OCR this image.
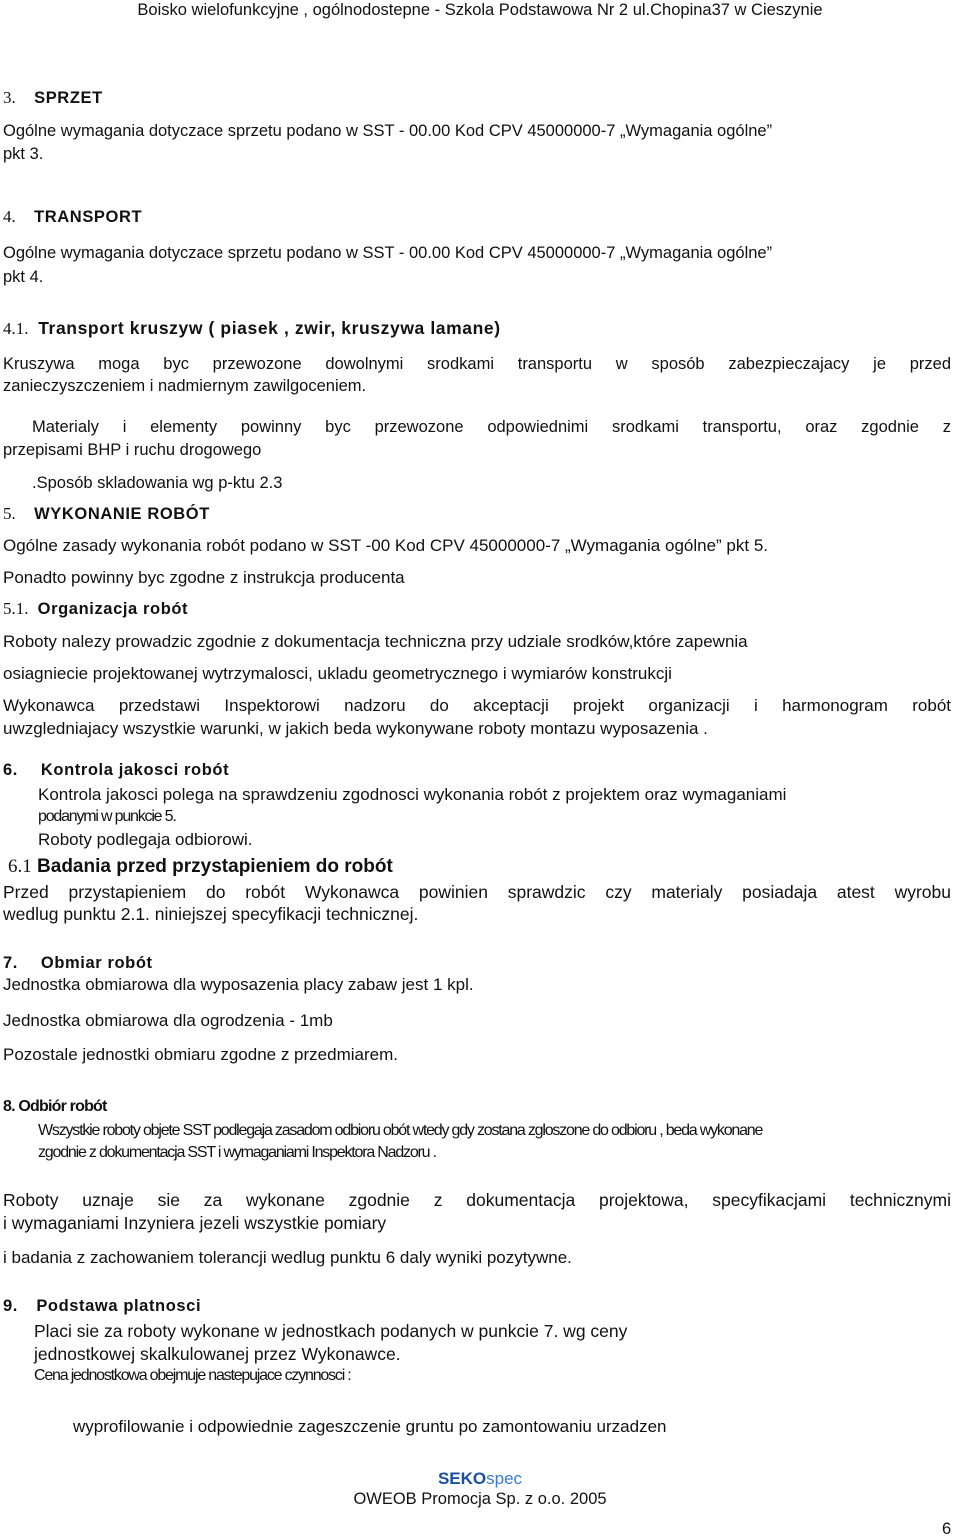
Boisko wielofunkcyjne , ogólnodostepne - Szkola Podstawowa Nr 2 ul.Chopina37 w Cieszynie
3. SPRZET
Ogólne wymagania dotyczace sprzetu podano w SST - 00.00 Kod CPV 45000000-7 „Wymagania ogólne”
pkt 3.
4. TRANSPORT
Ogólne wymagania dotyczace sprzetu podano w SST - 00.00 Kod CPV 45000000-7 „Wymagania ogólne”
pkt 4.
4.1. Transport kruszyw ( piasek , zwir, kruszywa lamane)
Kruszywa moga byc przewozone dowolnymi srodkami transportu w sposób zabezpieczajacy je przed
zanieczyszczeniem i nadmiernym zawilgoceniem.
Materialy i elementy powinny byc przewozone odpowiednimi srodkami transportu, oraz zgodnie z
przepisami BHP i ruchu drogowego
.Sposób skladowania wg p-ktu 2.3
5. WYKONANIE ROBÓT
Ogólne zasady wykonania robót podano w SST -00 Kod CPV 45000000-7 „Wymagania ogólne” pkt 5.
Ponadto powinny byc zgodne z instrukcja producenta
5.1. Organizacja robót
Roboty nalezy prowadzic zgodnie z dokumentacja techniczna przy udziale srodków,które zapewnia
osiagniecie projektowanej wytrzymalosci, ukladu geometrycznego i wymiarów konstrukcji
Wykonawca przedstawi Inspektorowi nadzoru do akceptacji projekt organizacji i harmonogram robót
uwzgledniajacy wszystkie warunki, w jakich beda wykonywane roboty montazu wyposazenia .
6. Kontrola jakosci robót
Kontrola jakosci polega na sprawdzeniu zgodnosci wykonania robót z projektem oraz wymaganiami
podanymi w punkcie 5.
Roboty podlegaja odbiorowi.
6.1 Badania przed przystapieniem do robót
Przed przystapieniem do robót Wykonawca powinien sprawdzic czy materialy posiadaja atest wyrobu
wedlug punktu 2.1. niniejszej specyfikacji technicznej.
7. Obmiar robót
Jednostka obmiarowa dla wyposazenia placy zabaw jest 1 kpl.
Jednostka obmiarowa dla ogrodzenia - 1mb
Pozostale jednostki obmiaru zgodne z przedmiarem.
8. Odbiór robót
Wszystkie roboty objete SST podlegaja zasadom odbioru obót wtedy gdy zostana zgloszone do odbioru , beda wykonane
zgodnie z dokumentacja SST i wymaganiami Inspektora Nadzoru .
Roboty uznaje sie za wykonane zgodnie z dokumentacja projektowa, specyfikacjami technicznymi
i wymaganiami Inzyniera jezeli wszystkie pomiary
i badania z zachowaniem tolerancji wedlug punktu 6 daly wyniki pozytywne.
9. Podstawa platnosci
Placi sie za roboty wykonane w jednostkach podanych w punkcie 7. wg ceny
jednostkowej skalkulowanej przez Wykonawce.
Cena jednostkowa obejmuje nastepujace czynnosci :
wyprofilowanie i odpowiednie zageszczenie gruntu po zamontowaniu urzadzen
SEKOspec
OWEOB Promocja Sp. z o.o. 2005
6
